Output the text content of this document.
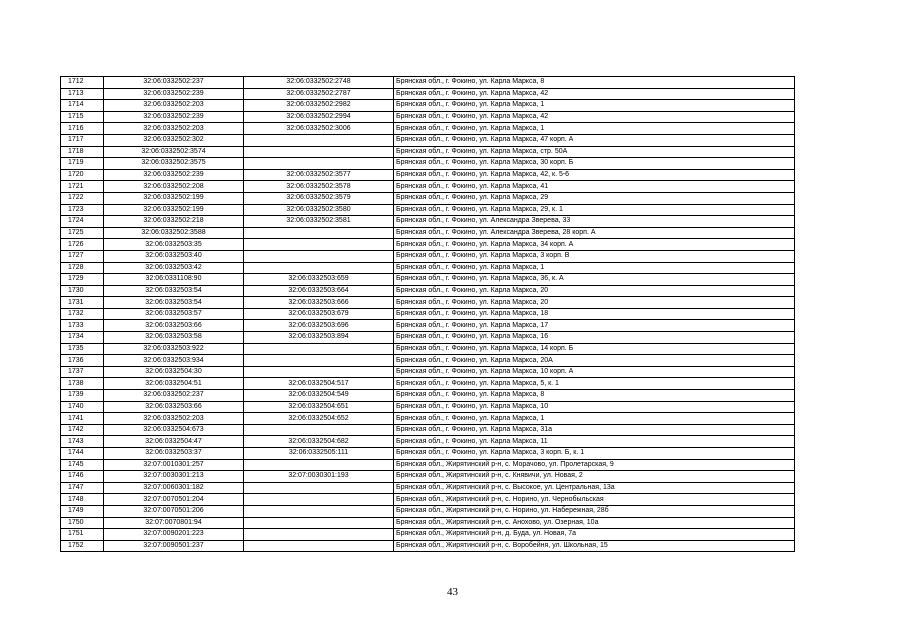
1712	32:06:0332502:237	32:06:0332502:2748	Брянская обл., г. Фокино, ул. Карла Маркса, 8
1713	32:06:0332502:239	32:06:0332502:2787	Брянская обл., г. Фокино, ул. Карла Маркса, 42
1714	32:06:0332502:203	32:06:0332502:2982	Брянская обл., г. Фокино, ул. Карла Маркса, 1
1715	32:06:0332502:239	32:06:0332502:2994	Брянская обл., г. Фокино, ул. Карла Маркса, 42
1716	32:06:0332502:203	32:06:0332502:3006	Брянская обл., г. Фокино, ул. Карла Маркса, 1
1717	32:06:0332502:302		Брянская обл., г. Фокино, ул. Карла Маркса, 47 корп. А
1718	32:06:0332502:3574		Брянская обл., г. Фокино, ул. Карла Маркса, стр. 50А
1719	32:06:0332502:3575		Брянская обл., г. Фокино, ул. Карла Маркса, 30 корп. Б
1720	32:06:0332502:239	32:06:0332502:3577	Брянская обл., г. Фокино, ул. Карла Маркса, 42, к. 5-6
1721	32:06:0332502:208	32:06:0332502:3578	Брянская обл., г. Фокино, ул. Карла Маркса, 41
1722	32:06:0332502:199	32:06:0332502:3579	Брянская обл., г. Фокино, ул. Карла Маркса, 29
1723	32:06:0332502:199	32:06:0332502:3580	Брянская обл., г. Фокино, ул. Карла Маркса, 29, к. 1
1724	32:06:0332502:218	32:06:0332502:3581	Брянская обл., г. Фокино, ул. Александра Зверева, 33
1725	32:06:0332502:3588		Брянская обл., г. Фокино, ул. Александра Зверева, 28 корп. А
1726	32:06:0332503:35		Брянская обл., г. Фокино, ул. Карла Маркса, 34 корп. А
1727	32:06:0332503:40		Брянская обл., г. Фокино, ул. Карла Маркса, 3 корп. В
1728	32:06:0332503:42		Брянская обл., г. Фокино, ул. Карла Маркса, 1
1729	32:06:0331108:90	32:06:0332503:659	Брянская обл., г. Фокино, ул. Карла Маркса, 36, к. А
1730	32:06:0332503:54	32:06:0332503:664	Брянская обл., г. Фокино, ул. Карла Маркса, 20
1731	32:06:0332503:54	32:06:0332503:666	Брянская обл., г. Фокино, ул. Карла Маркса, 20
1732	32:06:0332503:57	32:06:0332503:679	Брянская обл., г. Фокино, ул. Карла Маркса, 18
1733	32:06:0332503:66	32:06:0332503:696	Брянская обл., г. Фокино, ул. Карла Маркса, 17
1734	32:06:0332503:58	32:06:0332503:894	Брянская обл., г. Фокино, ул. Карла Маркса, 16
1735	32:06:0332503:922		Брянская обл., г. Фокино, ул. Карла Маркса, 14 корп. Б
1736	32:06:0332503:934		Брянская обл., г. Фокино, ул. Карла Маркса, 20А
1737	32:06:0332504:30		Брянская обл., г. Фокино, ул. Карла Маркса, 10 корп. А
1738	32:06:0332504:51	32:06:0332504:517	Брянская обл., г. Фокино, ул. Карла Маркса, 5, к. 1
1739	32:06:0332502:237	32:06:0332504:549	Брянская обл., г. Фокино, ул. Карла Маркса, 8
1740	32:06:0332503:66	32:06:0332504:651	Брянская обл., г. Фокино, ул. Карла Маркса, 10
1741	32:06:0332502:203	32:06:0332504:652	Брянская обл., г. Фокино, ул. Карла Маркса, 1
1742	32:06:0332504:673		Брянская обл., г. Фокино, ул. Карла Маркса, 31а
1743	32:06:0332504:47	32:06:0332504:682	Брянская обл., г. Фокино, ул. Карла Маркса, 11
1744	32:06:0332503:37	32:06:0332505:111	Брянская обл., г. Фокино, ул. Карла Маркса, 3 корп. Б, к. 1
1745	32:07:0010301:257		Брянская обл., Жирятинский р-н, с. Морачово, ул. Пролетарская, 9
1746	32:07:0030301:213	32:07:0030301:193	Брянская обл., Жирятинский р-н, с. Княвичи, ул. Новая, 2
1747	32:07:0060301:182		Брянская обл., Жирятинский р-н, с. Высокое, ул. Центральная, 13а
1748	32:07:0070501:204		Брянская обл., Жирятинский р-н, с. Норино, ул. Чернобыльская
1749	32:07:0070501:206		Брянская обл., Жирятинский р-н, с. Норино, ул. Набережная, 28б
1750	32:07:0070801:94		Брянская обл., Жирятинский р-н, с. Анохово, ул. Озерная, 10а
1751	32:07:0090201:223		Брянская обл., Жирятинский р-н, д. Буда, ул. Новая, 7а
1752	32:07:0090501:237		Брянская обл., Жирятинский р-н, с. Воробейня, ул. Школьная, 15
43
